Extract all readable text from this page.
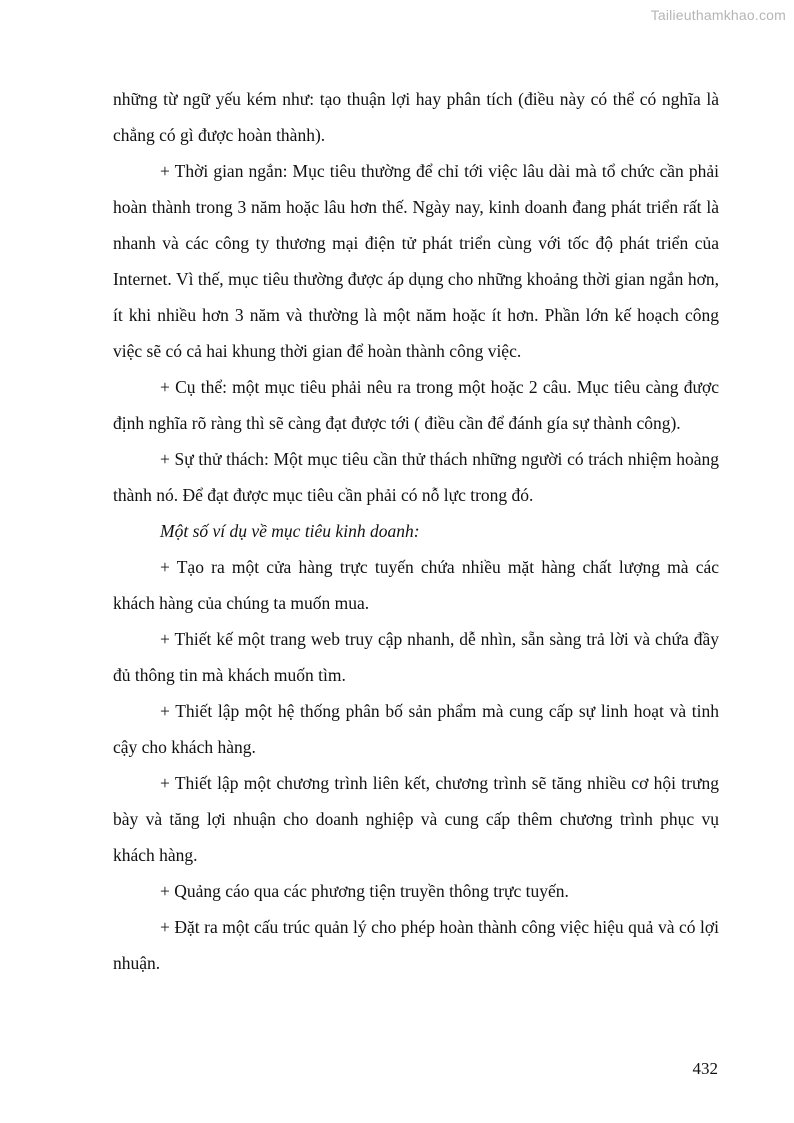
Tailieuthamkhao.com

những từ ngữ yếu kém như: tạo thuận lợi hay phân tích (điều này có thể có nghĩa là chẳng có gì được hoàn thành).

+ Thời gian ngắn: Mục tiêu thường để chỉ tới việc lâu dài mà tổ chức cần phải hoàn thành trong 3 năm hoặc lâu hơn thế. Ngày nay, kinh doanh đang phát triển rất là nhanh và các công ty thương mại điện tử phát triển cùng với tốc độ phát triển của Internet. Vì thế, mục tiêu thường được áp dụng cho những khoảng thời gian ngắn hơn, ít khi nhiều hơn 3 năm và thường là một năm hoặc ít hơn. Phần lớn kế hoạch công việc sẽ có cả hai khung thời gian để hoàn thành công việc.

+ Cụ thể: một mục tiêu phải nêu ra trong một hoặc 2 câu. Mục tiêu càng được định nghĩa rõ ràng thì sẽ càng đạt được tới ( điều cần để đánh gía sự thành công).

+ Sự thử thách: Một mục tiêu cần thử thách những người có trách nhiệm hoàng thành nó. Để đạt được mục tiêu cần phải có nỗ lực trong đó.

Một số ví dụ về mục tiêu kinh doanh:

+ Tạo ra một cửa hàng trực tuyến chứa nhiều mặt hàng chất lượng mà các khách hàng của chúng ta muốn mua.

+ Thiết kế một trang web truy cập nhanh, dễ nhìn, sẵn sàng trả lời và chứa đầy đủ thông tin mà khách muốn tìm.

+ Thiết lập một hệ thống phân bố sản phẩm mà cung cấp sự linh hoạt và tinh cậy cho khách hàng.

+ Thiết lập một chương trình liên kết, chương trình sẽ tăng nhiều cơ hội trưng bày và tăng lợi nhuận cho doanh nghiệp và cung cấp thêm chương trình phục vụ khách hàng.

+ Quảng cáo qua các phương tiện truyền thông trực tuyến.

+ Đặt ra một cấu trúc quản lý cho phép hoàn thành công việc hiệu quả và có lợi nhuận.

432
